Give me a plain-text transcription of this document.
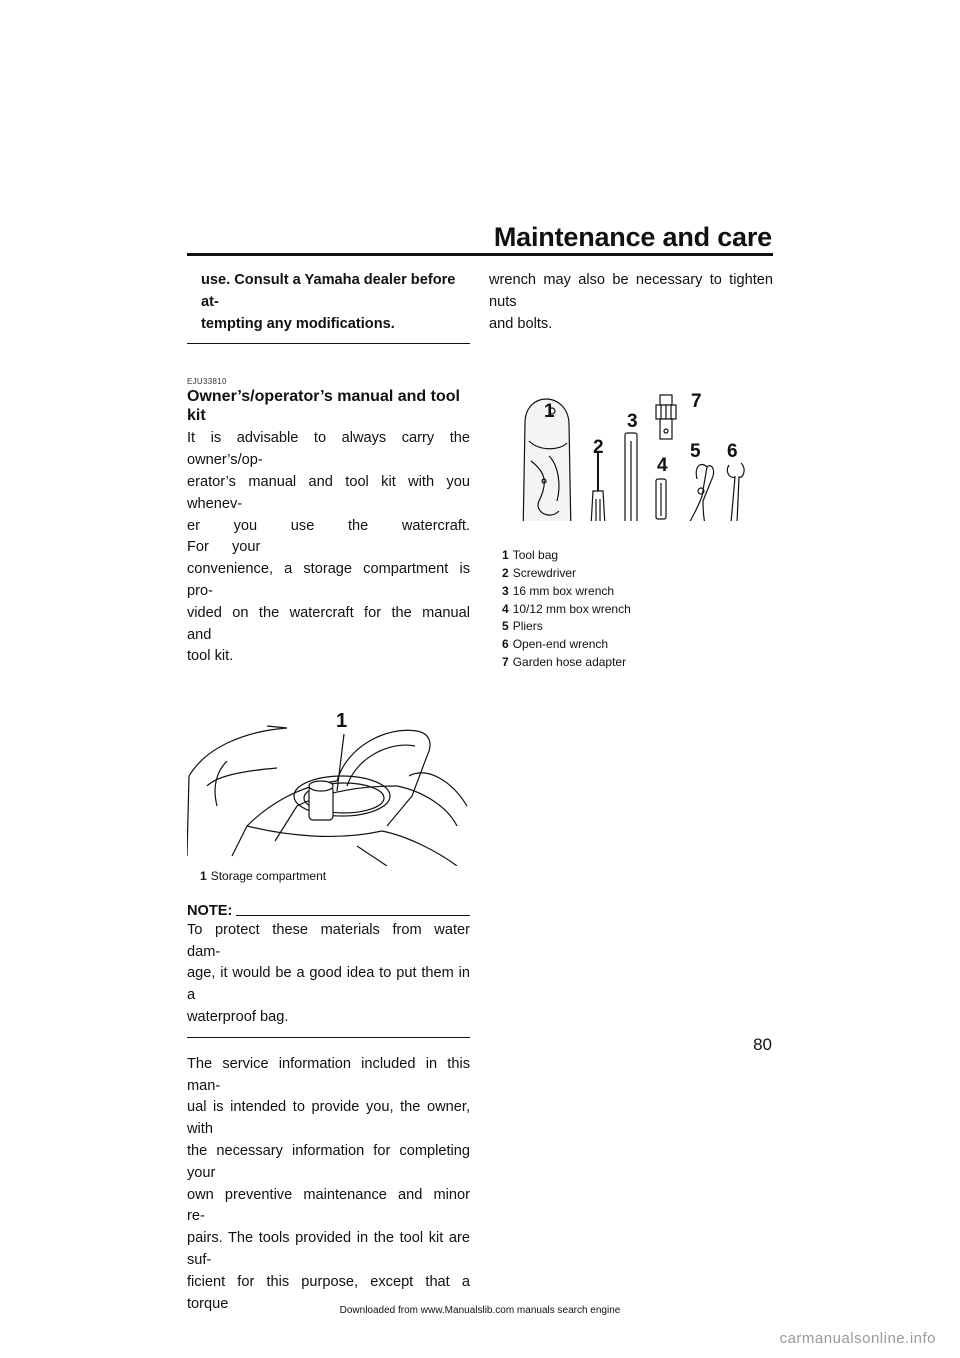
Maintenance and care

use. Consult a Yamaha dealer before at-

tempting any modifications.

EJU33810
Owner’s/operator’s manual and tool
kit

It is advisable to always carry the owner’s/op-

erator’s manual and tool kit with you whenev-

er you use the watercraft. For your

convenience, a storage compartment is pro-

vided on the watercraft for the manual and

tool kit.

1
1 Storage compartment
NOTE:

To protect these materials from water dam-

age, it would be a good idea to put them in a

waterproof bag.

The service information included in this man-

ual is intended to provide you, the owner, with

the necessary information for completing your

own preventive maintenance and minor re-

pairs. The tools provided in the tool kit are suf-

ficient for this purpose, except that a torque

wrench may also be necessary to tighten nuts

and bolts.

1
2
3
4
5 6
7
1 Tool bag
2 Screwdriver
3 16 mm box wrench
4 10/12 mm box wrench
5 Pliers
6 Open-end wrench
7 Garden hose adapter
80
Downloaded from www.Manualslib.com manuals search engine
carmanualsonline.info
